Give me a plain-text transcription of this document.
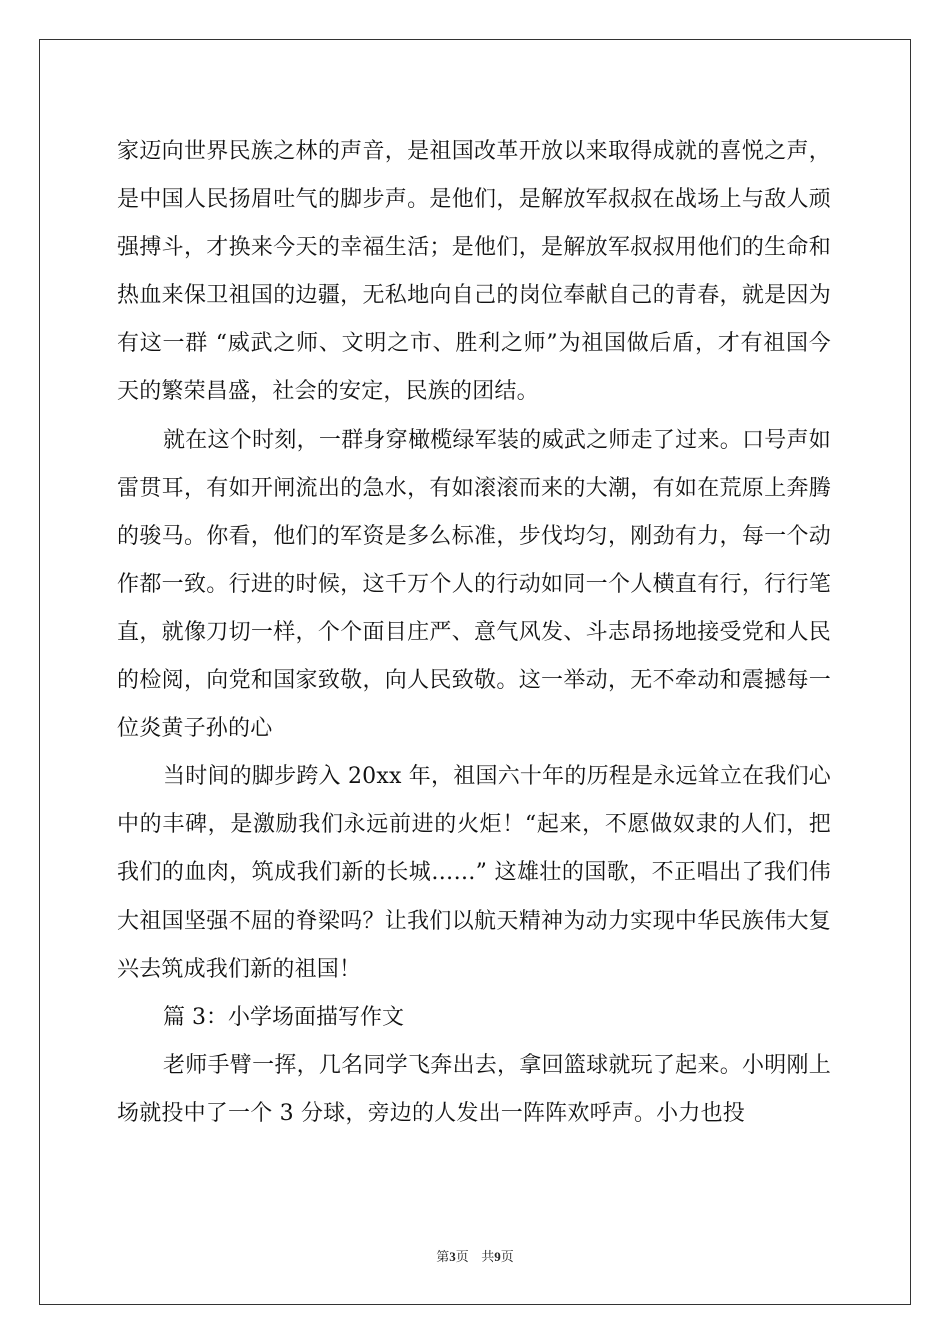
家迈向世界民族之林的声音，是祖国改革开放以来取得成就的喜悦之声，是中国人民扬眉吐气的脚步声。是他们，是解放军叔叔在战场上与敌人顽强搏斗，才换来今天的幸福生活；是他们，是解放军叔叔用他们的生命和热血来保卫祖国的边疆，无私地向自己的岗位奉献自己的青春，就是因为有这一群 “威武之师、文明之市、胜利之师”为祖国做后盾，才有祖国今天的繁荣昌盛，社会的安定，民族的团结。

就在这个时刻，一群身穿橄榄绿军装的威武之师走了过来。口号声如雷贯耳，有如开闸流出的急水，有如滚滚而来的大潮，有如在荒原上奔腾的骏马。你看，他们的军资是多么标准，步伐均匀，刚劲有力，每一个动作都一致。行进的时候，这千万个人的行动如同一个人横直有行，行行笔直，就像刀切一样，个个面目庄严、意气风发、斗志昂扬地接受党和人民的检阅，向党和国家致敬，向人民致敬。这一举动，无不牵动和震撼每一位炎黄子孙的心

当时间的脚步跨入 20xx 年，祖国六十年的历程是永远耸立在我们心中的丰碑，是激励我们永远前进的火炬！“起来，不愿做奴隶的人们，把我们的血肉，筑成我们新的长城……” 这雄壮的国歌，不正唱出了我们伟大祖国坚强不屈的脊梁吗？让我们以航天精神为动力实现中华民族伟大复兴去筑成我们新的祖国！

篇 3：小学场面描写作文

老师手臂一挥，几名同学飞奔出去，拿回篮球就玩了起来。小明刚上场就投中了一个 3 分球，旁边的人发出一阵阵欢呼声。小力也投

第3页   共9页
